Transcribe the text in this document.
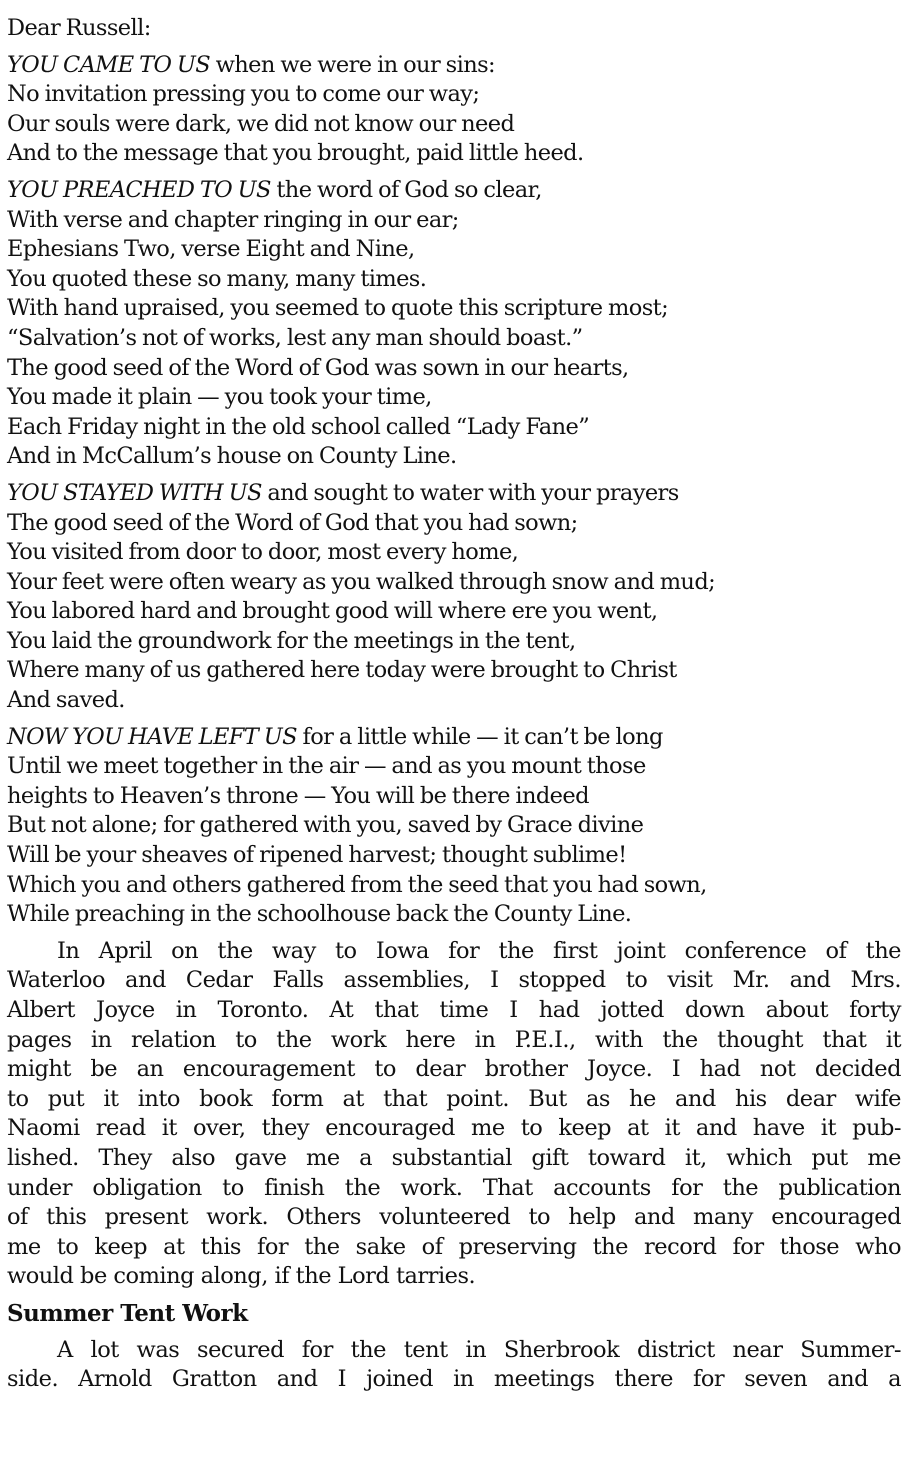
Dear Russell:
YOU CAME TO US when we were in our sins:
No invitation pressing you to come our way;
Our souls were dark, we did not know our need
And to the message that you brought, paid little heed.
YOU PREACHED TO US the word of God so clear,
With verse and chapter ringing in our ear;
Ephesians Two, verse Eight and Nine,
You quoted these so many, many times.
With hand upraised, you seemed to quote this scripture most;
“Salvation’s not of works, lest any man should boast.”
The good seed of the Word of God was sown in our hearts,
You made it plain — you took your time,
Each Friday night in the old school called “Lady Fane”
And in McCallum’s house on County Line.
YOU STAYED WITH US and sought to water with your prayers
The good seed of the Word of God that you had sown;
You visited from door to door, most every home,
Your feet were often weary as you walked through snow and mud;
You labored hard and brought good will where ere you went,
You laid the groundwork for the meetings in the tent,
Where many of us gathered here today were brought to Christ
And saved.
NOW YOU HAVE LEFT US for a little while — it can’t be long
Until we meet together in the air — and as you mount those
heights to Heaven’s throne — You will be there indeed
But not alone; for gathered with you, saved by Grace divine
Will be your sheaves of ripened harvest; thought sublime!
Which you and others gathered from the seed that you had sown,
While preaching in the schoolhouse back the County Line.
In April on the way to Iowa for the first joint conference of the
Waterloo and Cedar Falls assemblies, I stopped to visit Mr. and Mrs.
Albert Joyce in Toronto. At that time I had jotted down about forty
pages in relation to the work here in P.E.I., with the thought that it
might be an encouragement to dear brother Joyce. I had not decided
to put it into book form at that point. But as he and his dear wife
Naomi read it over, they encouraged me to keep at it and have it pub-
lished. They also gave me a substantial gift toward it, which put me
under obligation to finish the work. That accounts for the publication
of this present work. Others volunteered to help and many encouraged
me to keep at this for the sake of preserving the record for those who
would be coming along, if the Lord tarries.
Summer Tent Work
A lot was secured for the tent in Sherbrook district near Summer-
side. Arnold Gratton and I joined in meetings there for seven and a
